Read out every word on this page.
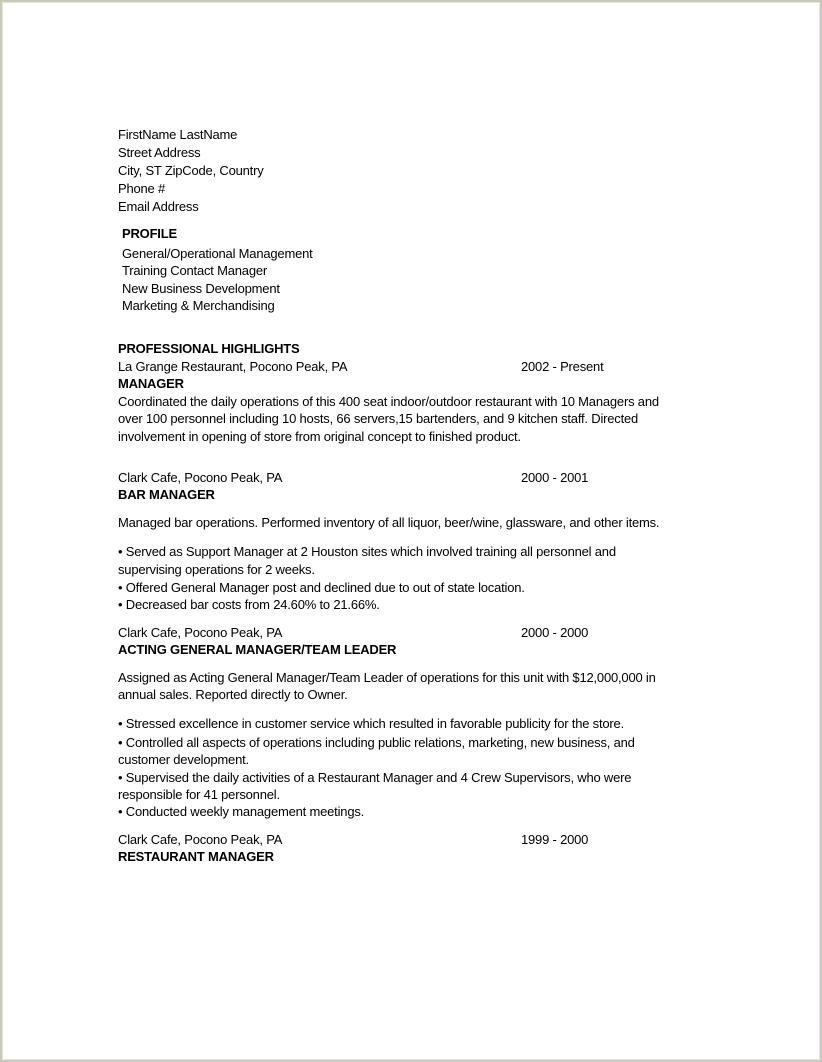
FirstName LastName
Street Address
City, ST ZipCode, Country
Phone #
Email Address
PROFILE
General/Operational Management
Training Contact Manager
New Business Development
Marketing & Merchandising
PROFESSIONAL HIGHLIGHTS
La Grange Restaurant, Pocono Peak, PA	2002 - Present
MANAGER
Coordinated the daily operations of this 400 seat indoor/outdoor restaurant with 10 Managers and
over 100 personnel including 10 hosts, 66 servers,15 bartenders, and 9 kitchen staff. Directed
involvement in opening of store from original concept to finished product.
Clark Cafe, Pocono Peak, PA	2000 - 2001
BAR MANAGER
Managed bar operations. Performed inventory of all liquor, beer/wine, glassware, and other items.
• Served as Support Manager at 2 Houston sites which involved training all personnel and
supervising operations for 2 weeks.
• Offered General Manager post and declined due to out of state location.
• Decreased bar costs from 24.60% to 21.66%.
Clark Cafe, Pocono Peak, PA	2000 - 2000
ACTING GENERAL MANAGER/TEAM LEADER
Assigned as Acting General Manager/Team Leader of operations for this unit with $12,000,000 in
annual sales. Reported directly to Owner.
• Stressed excellence in customer service which resulted in favorable publicity for the store.
• Controlled all aspects of operations including public relations, marketing, new business, and
customer development.
• Supervised the daily activities of a Restaurant Manager and 4 Crew Supervisors, who were
responsible for 41 personnel.
• Conducted weekly management meetings.
Clark Cafe, Pocono Peak, PA	1999 - 2000
RESTAURANT MANAGER
